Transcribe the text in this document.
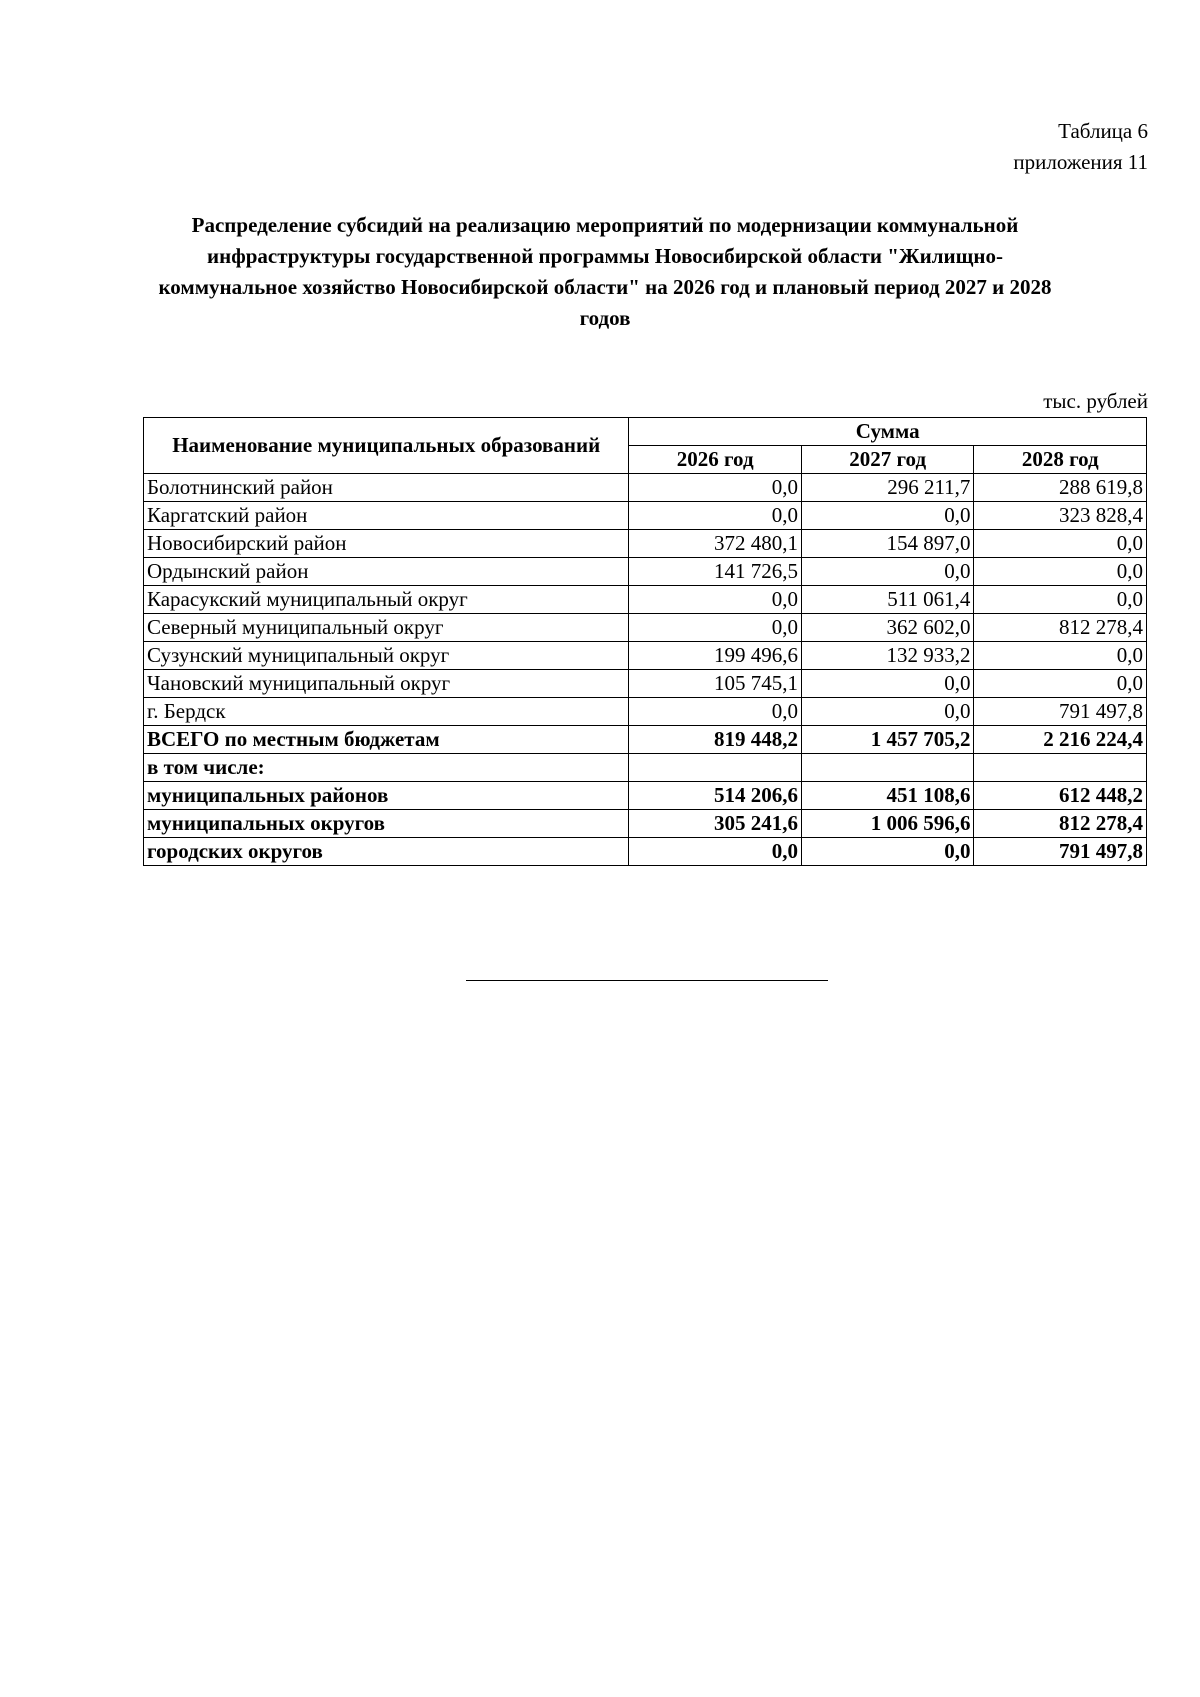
Таблица 6
приложения 11
Распределение субсидий на реализацию мероприятий по модернизации коммунальной
инфраструктуры государственной программы Новосибирской области "Жилищно-
коммунальное хозяйство Новосибирской области" на 2026 год и плановый период 2027 и 2028
годов
тыс. рублей
Наименование муниципальных образований	Сумма		
	2026 год	2027 год	2028 год
Болотнинский район	0,0	296 211,7	288 619,8
Каргатский район	0,0	0,0	323 828,4
Новосибирский район	372 480,1	154 897,0	0,0
Ордынский район	141 726,5	0,0	0,0
Карасукский муниципальный округ	0,0	511 061,4	0,0
Северный муниципальный округ	0,0	362 602,0	812 278,4
Сузунский муниципальный округ	199 496,6	132 933,2	0,0
Чановский муниципальный округ	105 745,1	0,0	0,0
г. Бердск	0,0	0,0	791 497,8
ВСЕГО по местным бюджетам	819 448,2	1 457 705,2	2 216 224,4
в том числе:			
муниципальных районов	514 206,6	451 108,6	612 448,2
муниципальных округов	305 241,6	1 006 596,6	812 278,4
городских округов	0,0	0,0	791 497,8
